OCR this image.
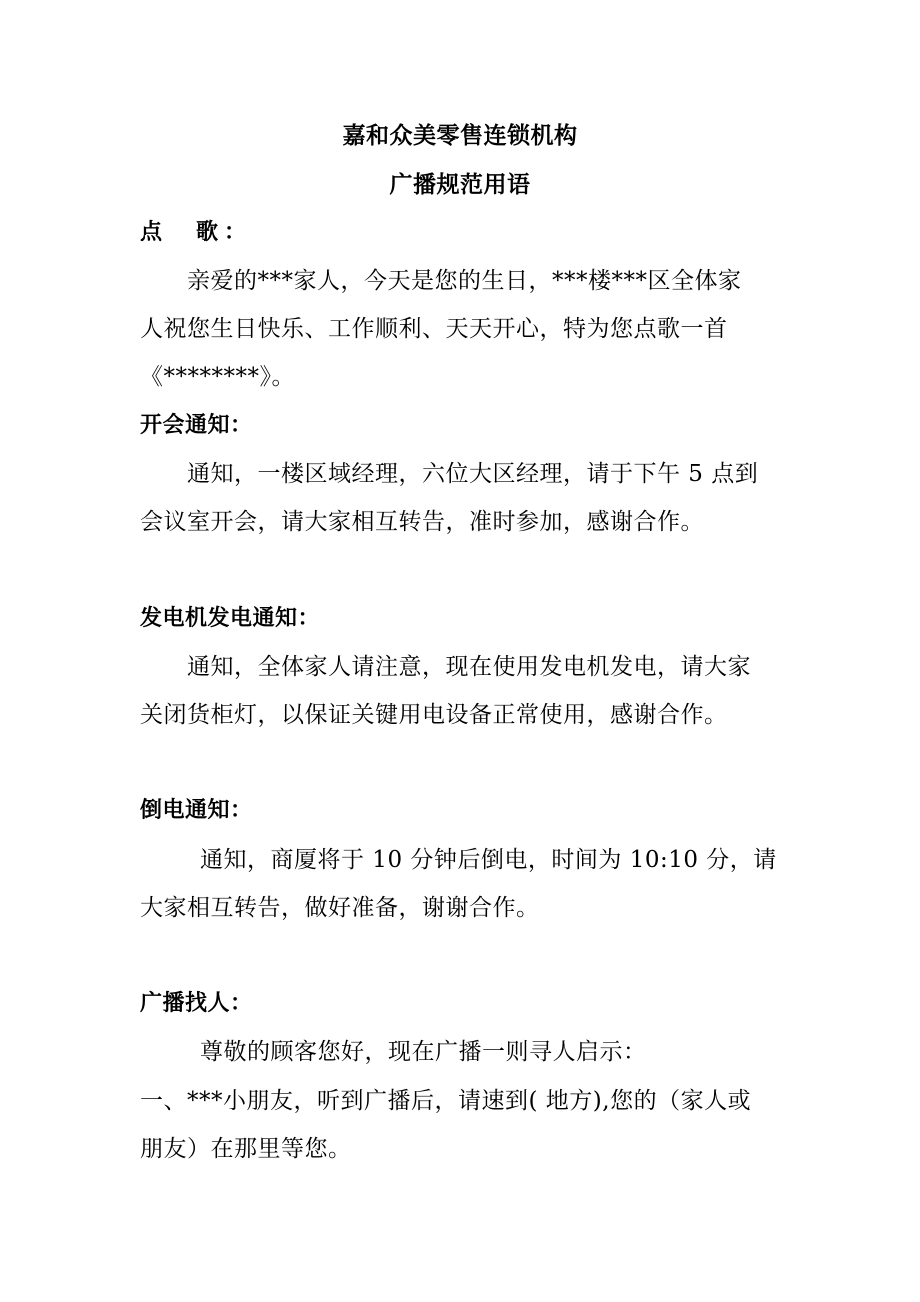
嘉和众美零售连锁机构
广播规范用语
点　歌：
亲爱的***家人，今天是您的生日，***楼***区全体家
人祝您生日快乐、工作顺利、天天开心，特为您点歌一首
《********》。
开会通知：
通知，一楼区域经理，六位大区经理，请于下午 5 点到
会议室开会，请大家相互转告，准时参加，感谢合作。
发电机发电通知：
通知，全体家人请注意，现在使用发电机发电，请大家
关闭货柜灯，以保证关键用电设备正常使用，感谢合作。
倒电通知：
通知，商厦将于 10 分钟后倒电，时间为 10:10 分，请
大家相互转告，做好准备，谢谢合作。
广播找人：
尊敬的顾客您好，现在广播一则寻人启示：
一、***小朋友，听到广播后，请速到( 地方),您的（家人或
朋友）在那里等您。
